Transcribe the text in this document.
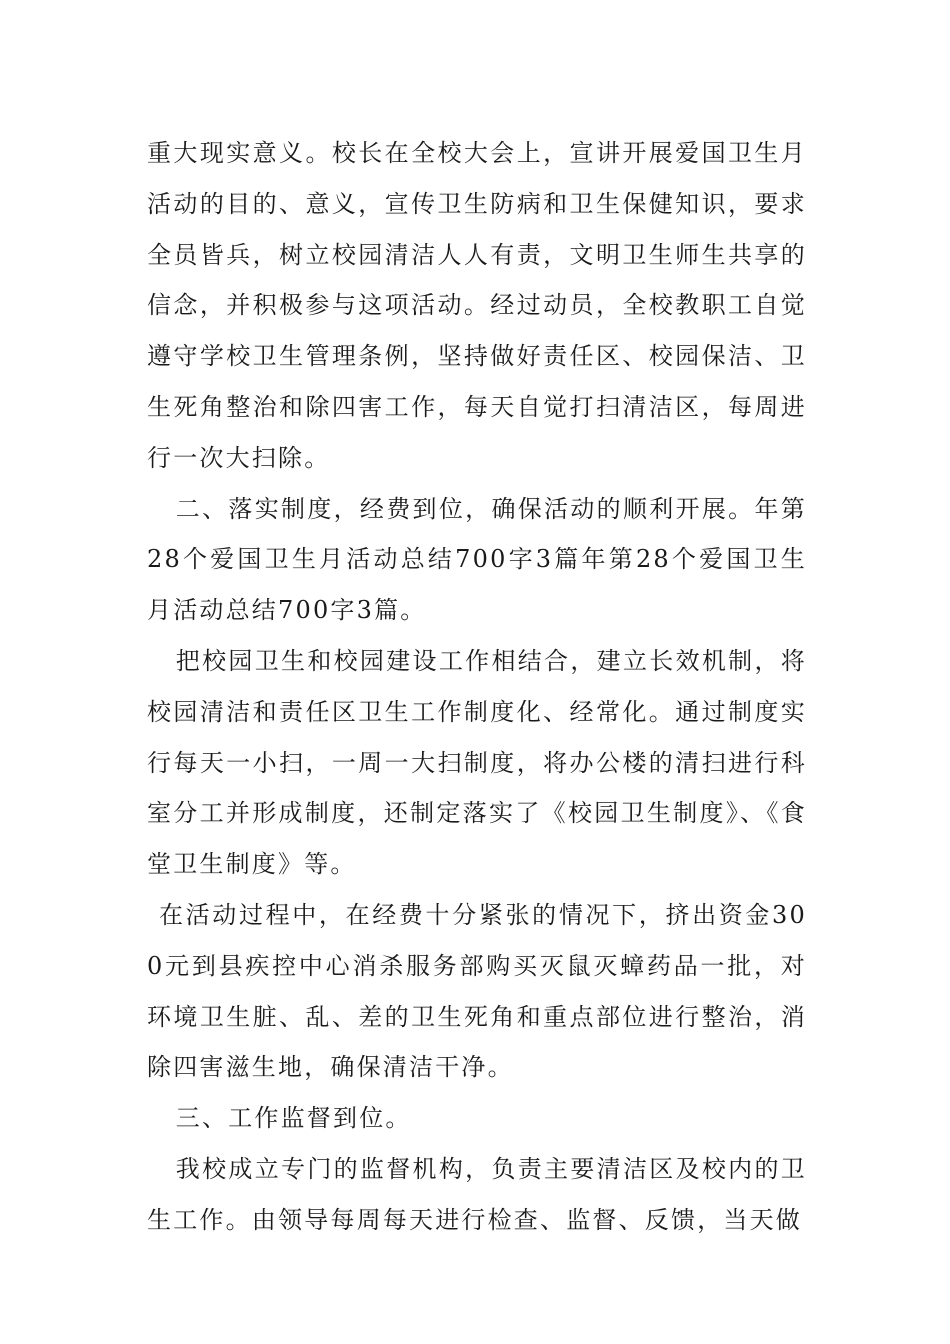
重大现实意义。校长在全校大会上，宣讲开展爱国卫生月活动的目的、意义，宣传卫生防病和卫生保健知识，要求全员皆兵，树立校园清洁人人有责，文明卫生师生共享的信念，并积极参与这项活动。经过动员，全校教职工自觉遵守学校卫生管理条例，坚持做好责任区、校园保洁、卫生死角整治和除四害工作，每天自觉打扫清洁区，每周进行一次大扫除。

二、落实制度，经费到位，确保活动的顺利开展。年第28个爱国卫生月活动总结700字3篇年第28个爱国卫生月活动总结700字3篇。

把校园卫生和校园建设工作相结合，建立长效机制，将校园清洁和责任区卫生工作制度化、经常化。通过制度实行每天一小扫，一周一大扫制度，将办公楼的清扫进行科室分工并形成制度，还制定落实了《校园卫生制度》、《食堂卫生制度》等。

在活动过程中，在经费十分紧张的情况下，挤出资金300元到县疾控中心消杀服务部购买灭鼠灭蟑药品一批，对环境卫生脏、乱、差的卫生死角和重点部位进行整治，消除四害滋生地，确保清洁干净。

三、工作监督到位。

我校成立专门的监督机构，负责主要清洁区及校内的卫生工作。由领导每周每天进行检查、监督、反馈，当天做
